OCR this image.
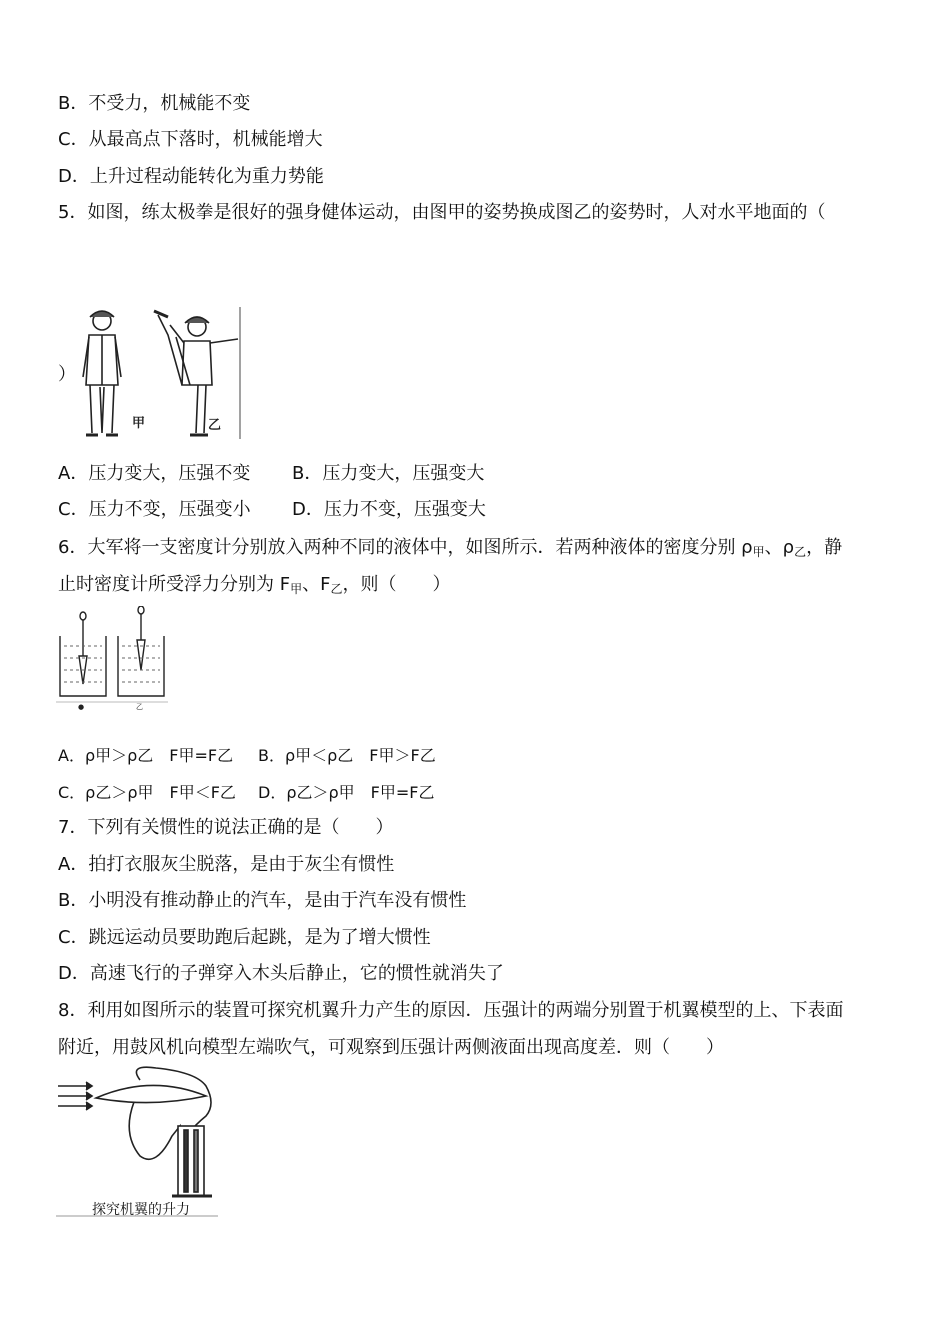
B．不受力，机械能不变
C．从最高点下落时，机械能增大
D．上升过程动能转化为重力势能
5．如图，练太极拳是很好的强身健体运动，由图甲的姿势换成图乙的姿势时，人对水平地面的（
）
甲	乙
A．压力变大，压强不变 B．压力变大，压强变大
C．压力不变，压强变小 D．压力不变，压强变大
6．大军将一支密度计分别放入两种不同的液体中，如图所示．若两种液体的密度分别 $\rho_甲$、$\rho_乙$，静
止时密度计所受浮力分别为 $F_甲$、$F_乙$，则（　　）
●	乙
A．ρ甲＞ρ乙　F甲=F乙 B．ρ甲＜ρ乙　F甲＞F乙
C．ρ乙＞ρ甲　F甲＜F乙 D．ρ乙＞ρ甲　F甲=F乙
7．下列有关惯性的说法正确的是（　　）
A．拍打衣服灰尘脱落，是由于灰尘有惯性
B．小明没有推动静止的汽车，是由于汽车没有惯性
C．跳远运动员要助跑后起跳，是为了增大惯性
D．高速飞行的子弹穿入木头后静止，它的惯性就消失了
8．利用如图所示的装置可探究机翼升力产生的原因．压强计的两端分别置于机翼模型的上、下表面
附近，用鼓风机向模型左端吹气，可观察到压强计两侧液面出现高度差．则（　　）
探究机翼的升力
